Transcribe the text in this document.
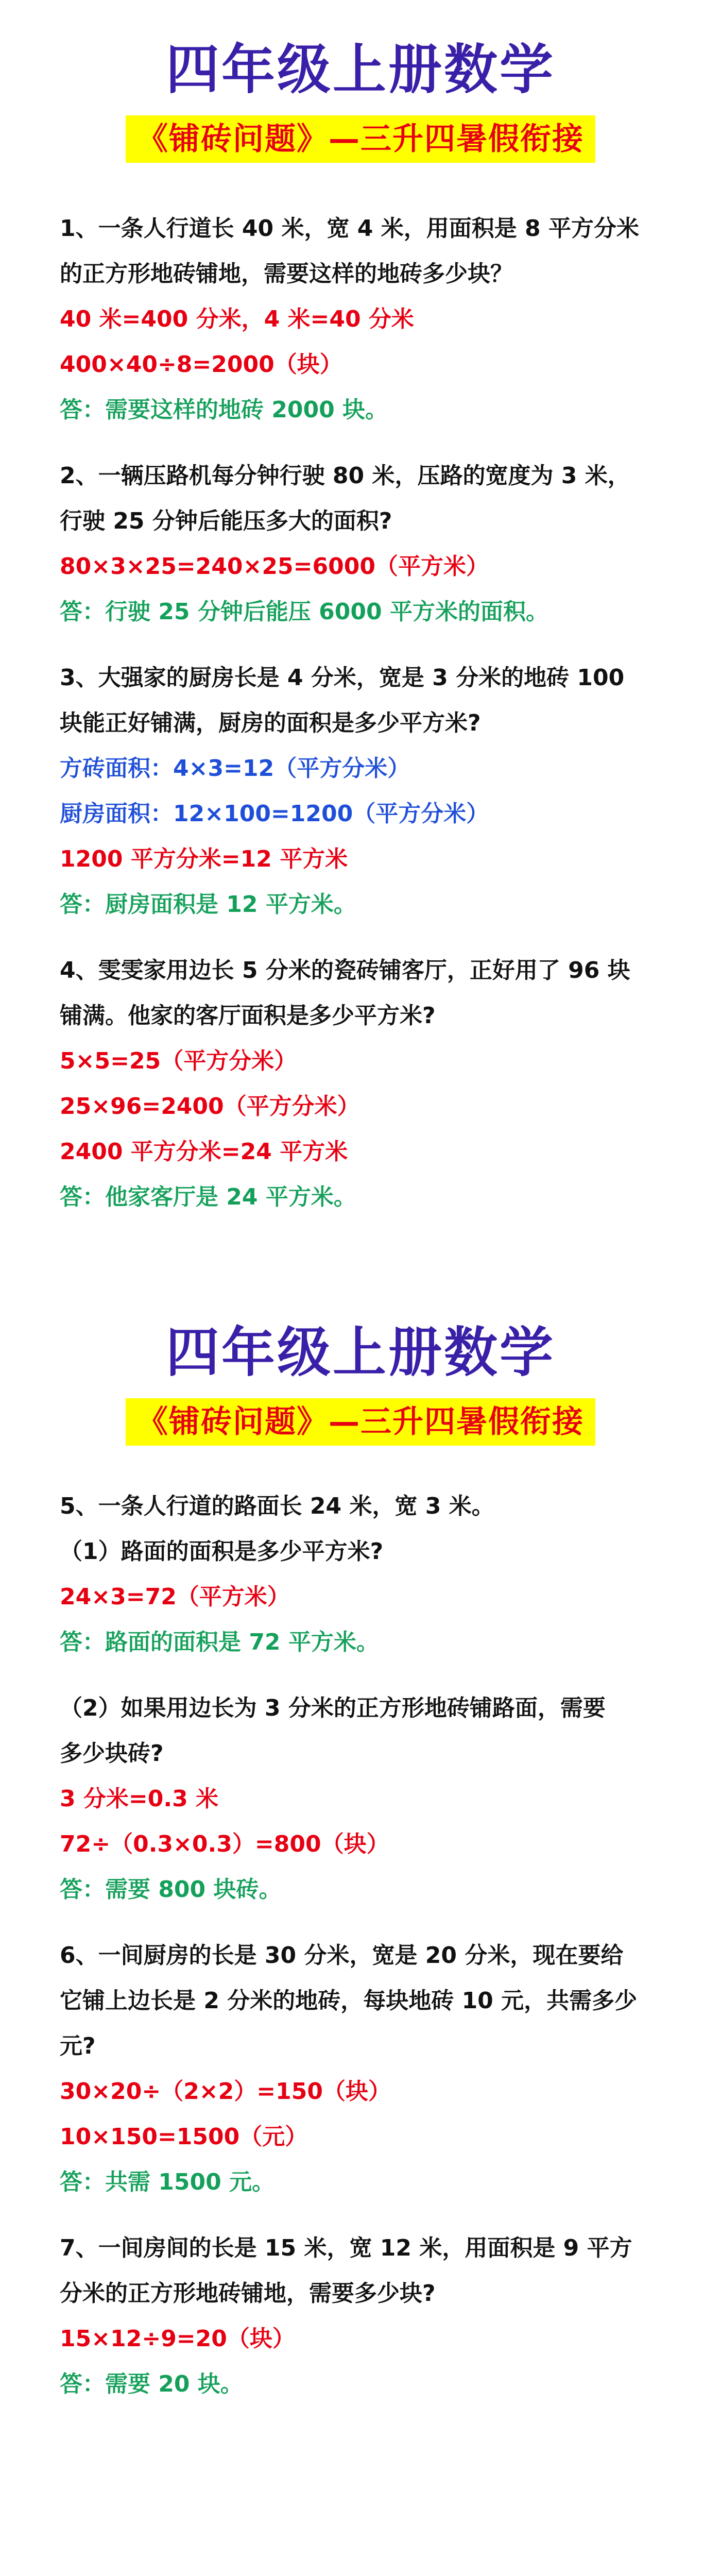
四年级上册数学
《铺砖问题》—三升四暑假衔接
1、一条人行道长 40 米，宽 4 米，用面积是 8 平方分米
的正方形地砖铺地，需要这样的地砖多少块？
40 米=400 分米，4 米=40 分米
400×40÷8=2000（块）
答：需要这样的地砖 2000 块。
2、一辆压路机每分钟行驶 80 米，压路的宽度为 3 米，
行驶 25 分钟后能压多大的面积?
80×3×25=240×25=6000（平方米）
答：行驶 25 分钟后能压 6000 平方米的面积。
3、大强家的厨房长是 4 分米，宽是 3 分米的地砖 100
块能正好铺满，厨房的面积是多少平方米?
方砖面积：4×3=12（平方分米）
厨房面积：12×100=1200（平方分米）
1200 平方分米=12 平方米
答：厨房面积是 12 平方米。
4、雯雯家用边长 5 分米的瓷砖铺客厅，正好用了 96 块
铺满。他家的客厅面积是多少平方米?
5×5=25（平方分米）
25×96=2400（平方分米）
2400 平方分米=24 平方米
答：他家客厅是 24 平方米。
四年级上册数学
《铺砖问题》—三升四暑假衔接
5、一条人行道的路面长 24 米，宽 3 米。
（1）路面的面积是多少平方米?
24×3=72（平方米）
答：路面的面积是 72 平方米。
（2）如果用边长为 3 分米的正方形地砖铺路面，需要
多少块砖?
3 分米=0.3 米
72÷（0.3×0.3）=800（块）
答：需要 800 块砖。
6、一间厨房的长是 30 分米，宽是 20 分米，现在要给
它铺上边长是 2 分米的地砖，每块地砖 10 元，共需多少
元?
30×20÷（2×2）=150（块）
10×150=1500（元）
答：共需 1500 元。
7、一间房间的长是 15 米，宽 12 米，用面积是 9 平方
分米的正方形地砖铺地，需要多少块?
15×12÷9=20（块）
答：需要 20 块。
